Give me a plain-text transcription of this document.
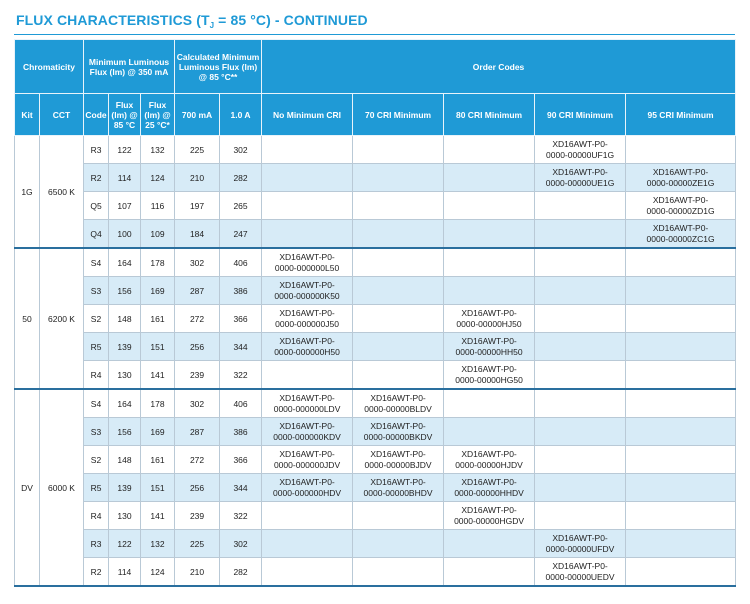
FLUX CHARACTERISTICS ($T_J = 85$ °C) - CONTINUED
Chromaticity		Minimum Luminous Flux (lm) @ 350 mA			Calculated Minimum Luminous Flux (lm) @ 85 °C**		Order Codes				
Kit	CCT	Code	Flux (lm) @ 85 °C	Flux (lm) @ 25 °C*	700 mA	1.0 A	No Minimum CRI	70 CRI Minimum	80 CRI Minimum	90 CRI Minimum	95 CRI Minimum
1G	6500 K	R3	122	132	225	302				XD16AWT-P0-
0000-00000UF1G	
		R2	114	124	210	282				XD16AWT-P0-
0000-00000UE1G	XD16AWT-P0-
0000-00000ZE1G
		Q5	107	116	197	265					XD16AWT-P0-
0000-00000ZD1G
		Q4	100	109	184	247					XD16AWT-P0-
0000-00000ZC1G
50	6200 K	S4	164	178	302	406	XD16AWT-P0-
0000-000000L50				
		S3	156	169	287	386	XD16AWT-P0-
0000-000000K50				
		S2	148	161	272	366	XD16AWT-P0-
0000-000000J50		XD16AWT-P0-
0000-00000HJ50		
		R5	139	151	256	344	XD16AWT-P0-
0000-000000H50		XD16AWT-P0-
0000-00000HH50		
		R4	130	141	239	322			XD16AWT-P0-
0000-00000HG50		
DV	6000 K	S4	164	178	302	406	XD16AWT-P0-
0000-000000LDV	XD16AWT-P0-
0000-00000BLDV			
		S3	156	169	287	386	XD16AWT-P0-
0000-000000KDV	XD16AWT-P0-
0000-00000BKDV			
		S2	148	161	272	366	XD16AWT-P0-
0000-000000JDV	XD16AWT-P0-
0000-00000BJDV	XD16AWT-P0-
0000-00000HJDV		
		R5	139	151	256	344	XD16AWT-P0-
0000-000000HDV	XD16AWT-P0-
0000-00000BHDV	XD16AWT-P0-
0000-00000HHDV		
		R4	130	141	239	322			XD16AWT-P0-
0000-00000HGDV		
		R3	122	132	225	302				XD16AWT-P0-
0000-00000UFDV	
		R2	114	124	210	282				XD16AWT-P0-
0000-00000UEDV	
